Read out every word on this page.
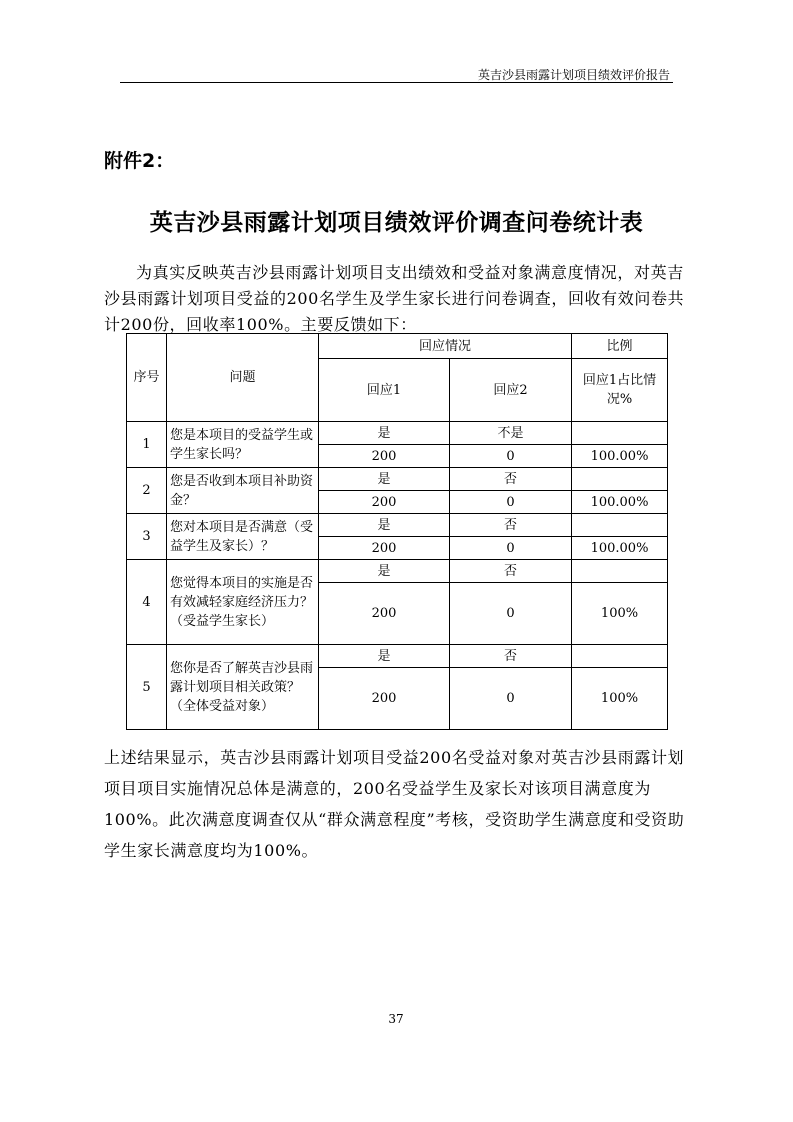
英吉沙县雨露计划项目绩效评价报告
附件2：
英吉沙县雨露计划项目绩效评价调查问卷统计表

为真实反映英吉沙县雨露计划项目支出绩效和受益对象满意度情况，对英吉沙县雨露计划项目受益的200名学生及学生家长进行问卷调查，回收有效问卷共计200份，回收率100%。主要反馈如下：

序号	问题	回应情况		比例
		回应1	回应2	回应1占比情况%
1	您是本项目的受益学生或学生家长吗？	是	不是	
		200	0	100.00%
2	您是否收到本项目补助资金？	是	否	
		200	0	100.00%
3	您对本项目是否满意（受益学生及家长）？	是	否	
		200	0	100.00%
4	您觉得本项目的实施是否有效减轻家庭经济压力？（受益学生家长）	是	否	
		200	0	100%
5	您你是否了解英吉沙县雨露计划项目相关政策？（全体受益对象）	是	否	
		200	0	100%

上述结果显示，英吉沙县雨露计划项目受益200名受益对象对英吉沙县雨露计划项目项目实施情况总体是满意的，200名受益学生及家长对该项目满意度为100%。此次满意度调查仅从“群众满意程度”考核，受资助学生满意度和受资助学生家长满意度均为100%。

37
